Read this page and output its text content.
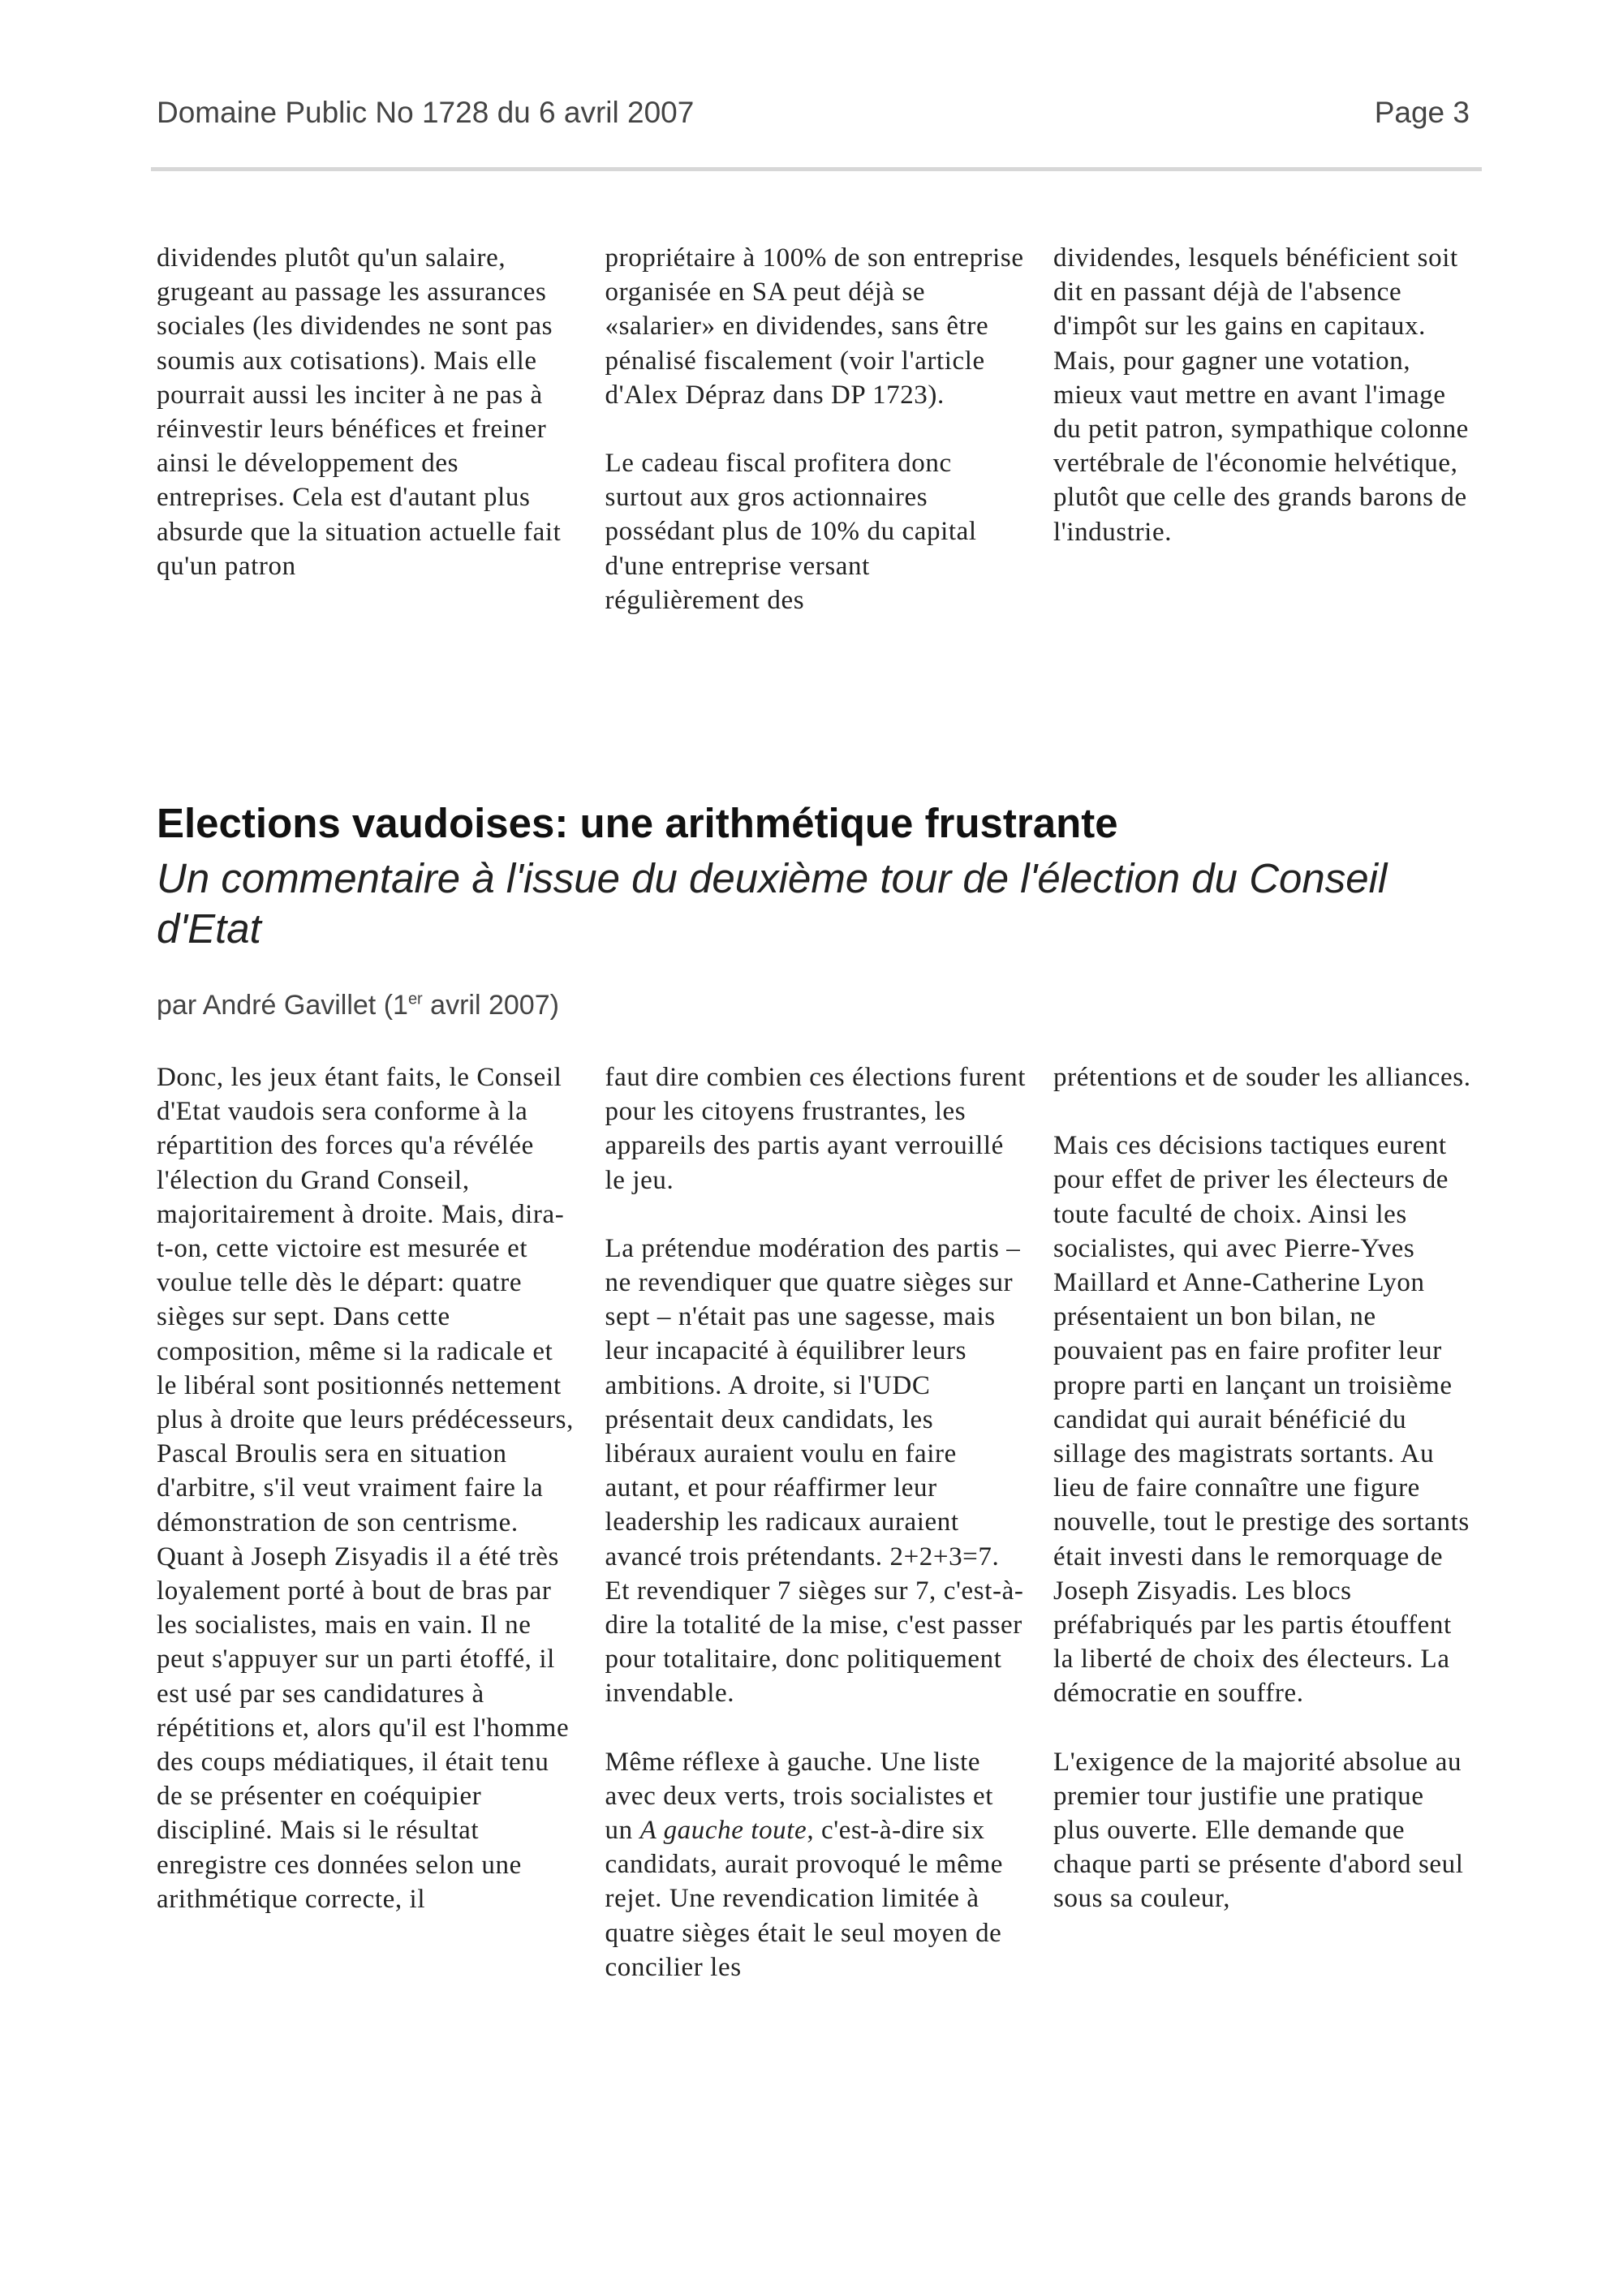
Domaine Public No 1728 du 6 avril 2007	Page 3

dividendes plutôt qu'un salaire, grugeant au passage les assurances sociales (les dividendes ne sont pas soumis aux cotisations). Mais elle pourrait aussi les inciter à ne pas à réinvestir leurs bénéfices et freiner ainsi le développement des entreprises. Cela est d'autant plus absurde que la situation actuelle fait qu'un patron

propriétaire à 100% de son entreprise organisée en SA peut déjà se «salarier» en dividendes, sans être pénalisé fiscalement (voir l'article d'Alex Dépraz dans DP 1723).

Le cadeau fiscal profitera donc surtout aux gros actionnaires possédant plus de 10% du capital d'une entreprise versant régulièrement des

dividendes, lesquels bénéficient soit dit en passant déjà de l'absence d'impôt sur les gains en capitaux. Mais, pour gagner une votation, mieux vaut mettre en avant l'image du petit patron, sympathique colonne vertébrale de l'économie helvétique, plutôt que celle des grands barons de l'industrie.

Elections vaudoises: une arithmétique frustrante

Un commentaire à l'issue du deuxième tour de l'élection du Conseil d'Etat

par André Gavillet (1er avril 2007)

Donc, les jeux étant faits, le Conseil d'Etat vaudois sera conforme à la répartition des forces qu'a révélée l'élection du Grand Conseil, majoritairement à droite. Mais, dira-t-on, cette victoire est mesurée et voulue telle dès le départ: quatre sièges sur sept. Dans cette composition, même si la radicale et le libéral sont positionnés nettement plus à droite que leurs prédécesseurs, Pascal Broulis sera en situation d'arbitre, s'il veut vraiment faire la démonstration de son centrisme. Quant à Joseph Zisyadis il a été très loyalement porté à bout de bras par les socialistes, mais en vain. Il ne peut s'appuyer sur un parti étoffé, il est usé par ses candidatures à répétitions et, alors qu'il est l'homme des coups médiatiques, il était tenu de se présenter en coéquipier discipliné. Mais si le résultat enregistre ces données selon une arithmétique correcte, il

faut dire combien ces élections furent pour les citoyens frustrantes, les appareils des partis ayant verrouillé le jeu.

La prétendue modération des partis – ne revendiquer que quatre sièges sur sept – n'était pas une sagesse, mais leur incapacité à équilibrer leurs ambitions. A droite, si l'UDC présentait deux candidats, les libéraux auraient voulu en faire autant, et pour réaffirmer leur leadership les radicaux auraient avancé trois prétendants. 2+2+3=7. Et revendiquer 7 sièges sur 7, c'est-à-dire la totalité de la mise, c'est passer pour totalitaire, donc politiquement invendable.

Même réflexe à gauche. Une liste avec deux verts, trois socialistes et un A gauche toute, c'est-à-dire six candidats, aurait provoqué le même rejet. Une revendication limitée à quatre sièges était le seul moyen de concilier les

prétentions et de souder les alliances.

Mais ces décisions tactiques eurent pour effet de priver les électeurs de toute faculté de choix. Ainsi les socialistes, qui avec Pierre-Yves Maillard et Anne-Catherine Lyon présentaient un bon bilan, ne pouvaient pas en faire profiter leur propre parti en lançant un troisième candidat qui aurait bénéficié du sillage des magistrats sortants. Au lieu de faire connaître une figure nouvelle, tout le prestige des sortants était investi dans le remorquage de Joseph Zisyadis. Les blocs préfabriqués par les partis étouffent la liberté de choix des électeurs. La démocratie en souffre.

L'exigence de la majorité absolue au premier tour justifie une pratique plus ouverte. Elle demande que chaque parti se présente d'abord seul sous sa couleur,
